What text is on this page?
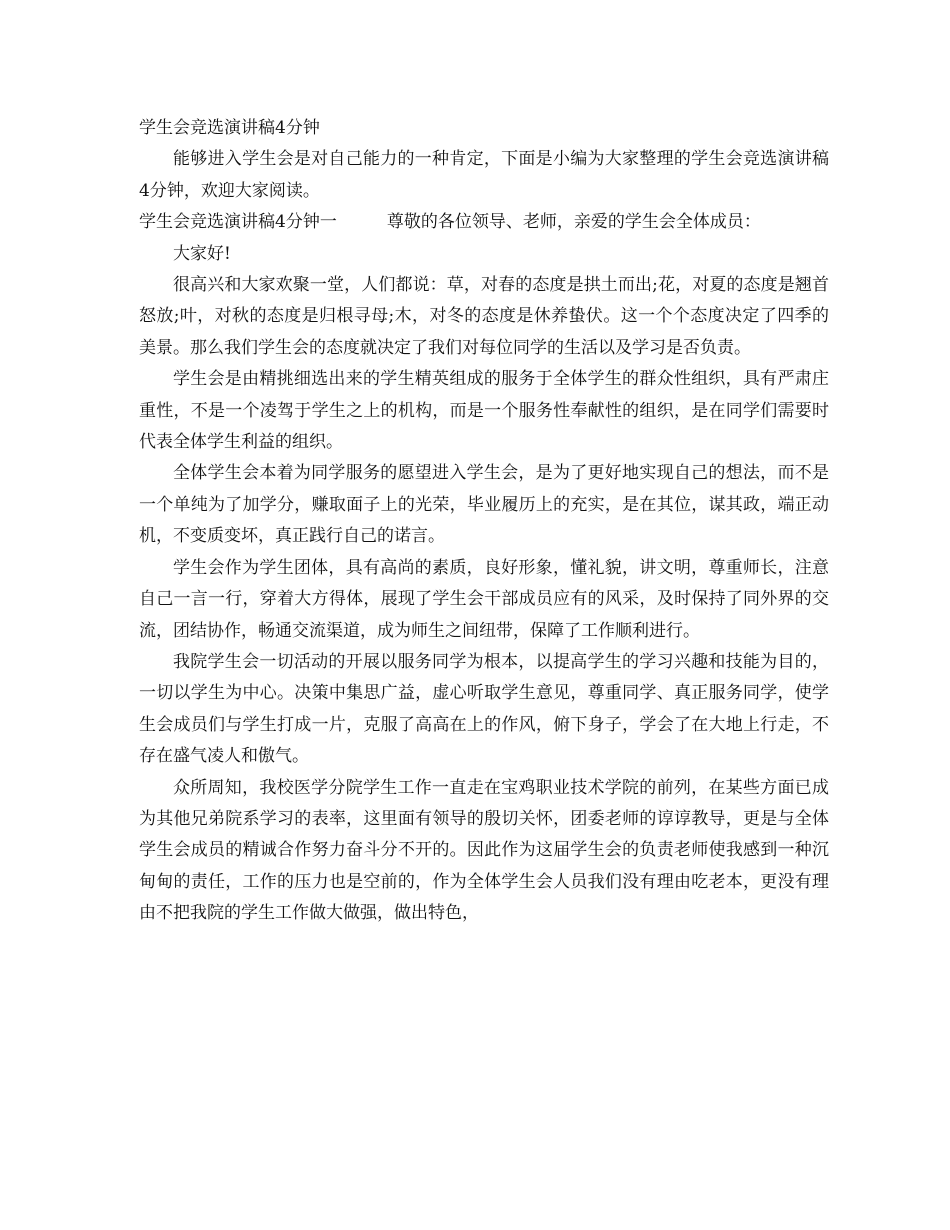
学生会竞选演讲稿4分钟

能够进入学生会是对自己能力的一种肯定，下面是小编为大家整理的学生会竞选演讲稿4分钟，欢迎大家阅读。

学生会竞选演讲稿4分钟一	尊敬的各位领导、老师，亲爱的学生会全体成员：

大家好!

很高兴和大家欢聚一堂，人们都说：草，对春的态度是拱土而出;花，对夏的态度是翘首怒放;叶，对秋的态度是归根寻母;木，对冬的态度是休养蛰伏。这一个个态度决定了四季的美景。那么我们学生会的态度就决定了我们对每位同学的生活以及学习是否负责。

学生会是由精挑细选出来的学生精英组成的服务于全体学生的群众性组织，具有严肃庄重性，不是一个凌驾于学生之上的机构，而是一个服务性奉献性的组织，是在同学们需要时代表全体学生利益的组织。

全体学生会本着为同学服务的愿望进入学生会，是为了更好地实现自己的想法，而不是一个单纯为了加学分，赚取面子上的光荣，毕业履历上的充实，是在其位，谋其政，端正动机，不变质变坏，真正践行自己的诺言。

学生会作为学生团体，具有高尚的素质，良好形象，懂礼貌，讲文明，尊重师长，注意自己一言一行，穿着大方得体，展现了学生会干部成员应有的风采，及时保持了同外界的交流，团结协作，畅通交流渠道，成为师生之间纽带，保障了工作顺利进行。

我院学生会一切活动的开展以服务同学为根本，以提高学生的学习兴趣和技能为目的，一切以学生为中心。决策中集思广益，虚心听取学生意见，尊重同学、真正服务同学，使学生会成员们与学生打成一片，克服了高高在上的作风，俯下身子，学会了在大地上行走，不存在盛气凌人和傲气。

众所周知，我校医学分院学生工作一直走在宝鸡职业技术学院的前列，在某些方面已成为其他兄弟院系学习的表率，这里面有领导的殷切关怀，团委老师的谆谆教导，更是与全体学生会成员的精诚合作努力奋斗分不开的。因此作为这届学生会的负责老师使我感到一种沉甸甸的责任，工作的压力也是空前的，作为全体学生会人员我们没有理由吃老本，更没有理由不把我院的学生工作做大做强，做出特色，
